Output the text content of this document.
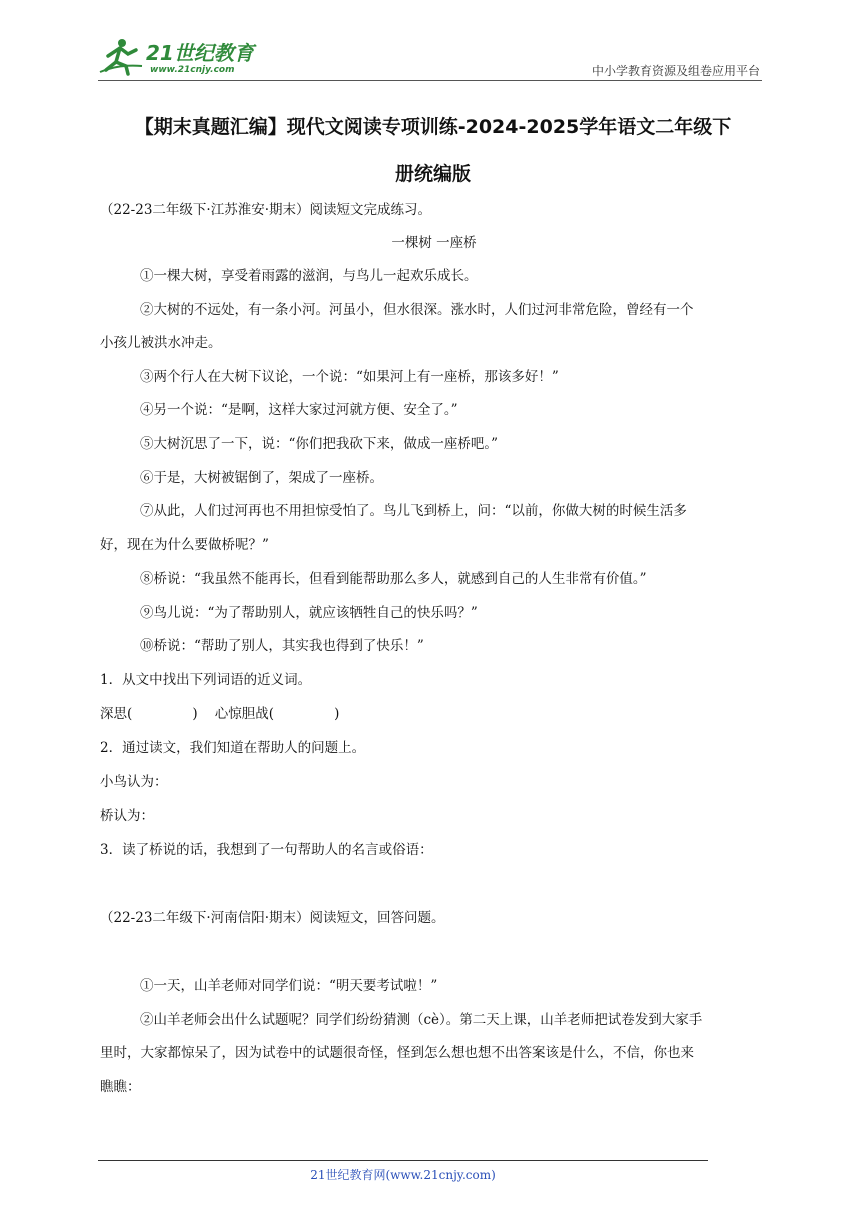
21世纪教育
www.21cnjy.com	中小学教育资源及组卷应用平台
【期末真题汇编】现代文阅读专项训练-2024-2025学年语文二年级下
册统编版
（22-23二年级下·江苏淮安·期末）阅读短文完成练习。
一棵树 一座桥
①一棵大树，享受着雨露的滋润，与鸟儿一起欢乐成长。
②大树的不远处，有一条小河。河虽小，但水很深。涨水时，人们过河非常危险，曾经有一个
小孩儿被洪水冲走。
③两个行人在大树下议论，一个说：“如果河上有一座桥，那该多好！”
④另一个说：“是啊，这样大家过河就方便、安全了。”
⑤大树沉思了一下，说：“你们把我砍下来，做成一座桥吧。”
⑥于是，大树被锯倒了，架成了一座桥。
⑦从此，人们过河再也不用担惊受怕了。鸟儿飞到桥上，问：“以前，你做大树的时候生活多
好，现在为什么要做桥呢？”
⑧桥说：“我虽然不能再长，但看到能帮助那么多人，就感到自己的人生非常有价值。”
⑨鸟儿说：“为了帮助别人，就应该牺牲自己的快乐吗？”
⑩桥说：“帮助了别人，其实我也得到了快乐！”
1．从文中找出下列词语的近义词。
深思(              )    心惊胆战(              )
2．通过读文，我们知道在帮助人的问题上。
小鸟认为：
桥认为：
3．读了桥说的话，我想到了一句帮助人的名言或俗语：
（22-23二年级下·河南信阳·期末）阅读短文，回答问题。
①一天，山羊老师对同学们说：“明天要考试啦！”
②山羊老师会出什么试题呢？同学们纷纷猜测（cè）。第二天上课，山羊老师把试卷发到大家手
里时，大家都惊呆了，因为试卷中的试题很奇怪，怪到怎么想也想不出答案该是什么，不信，你也来
瞧瞧：
21世纪教育网(www.21cnjy.com)
